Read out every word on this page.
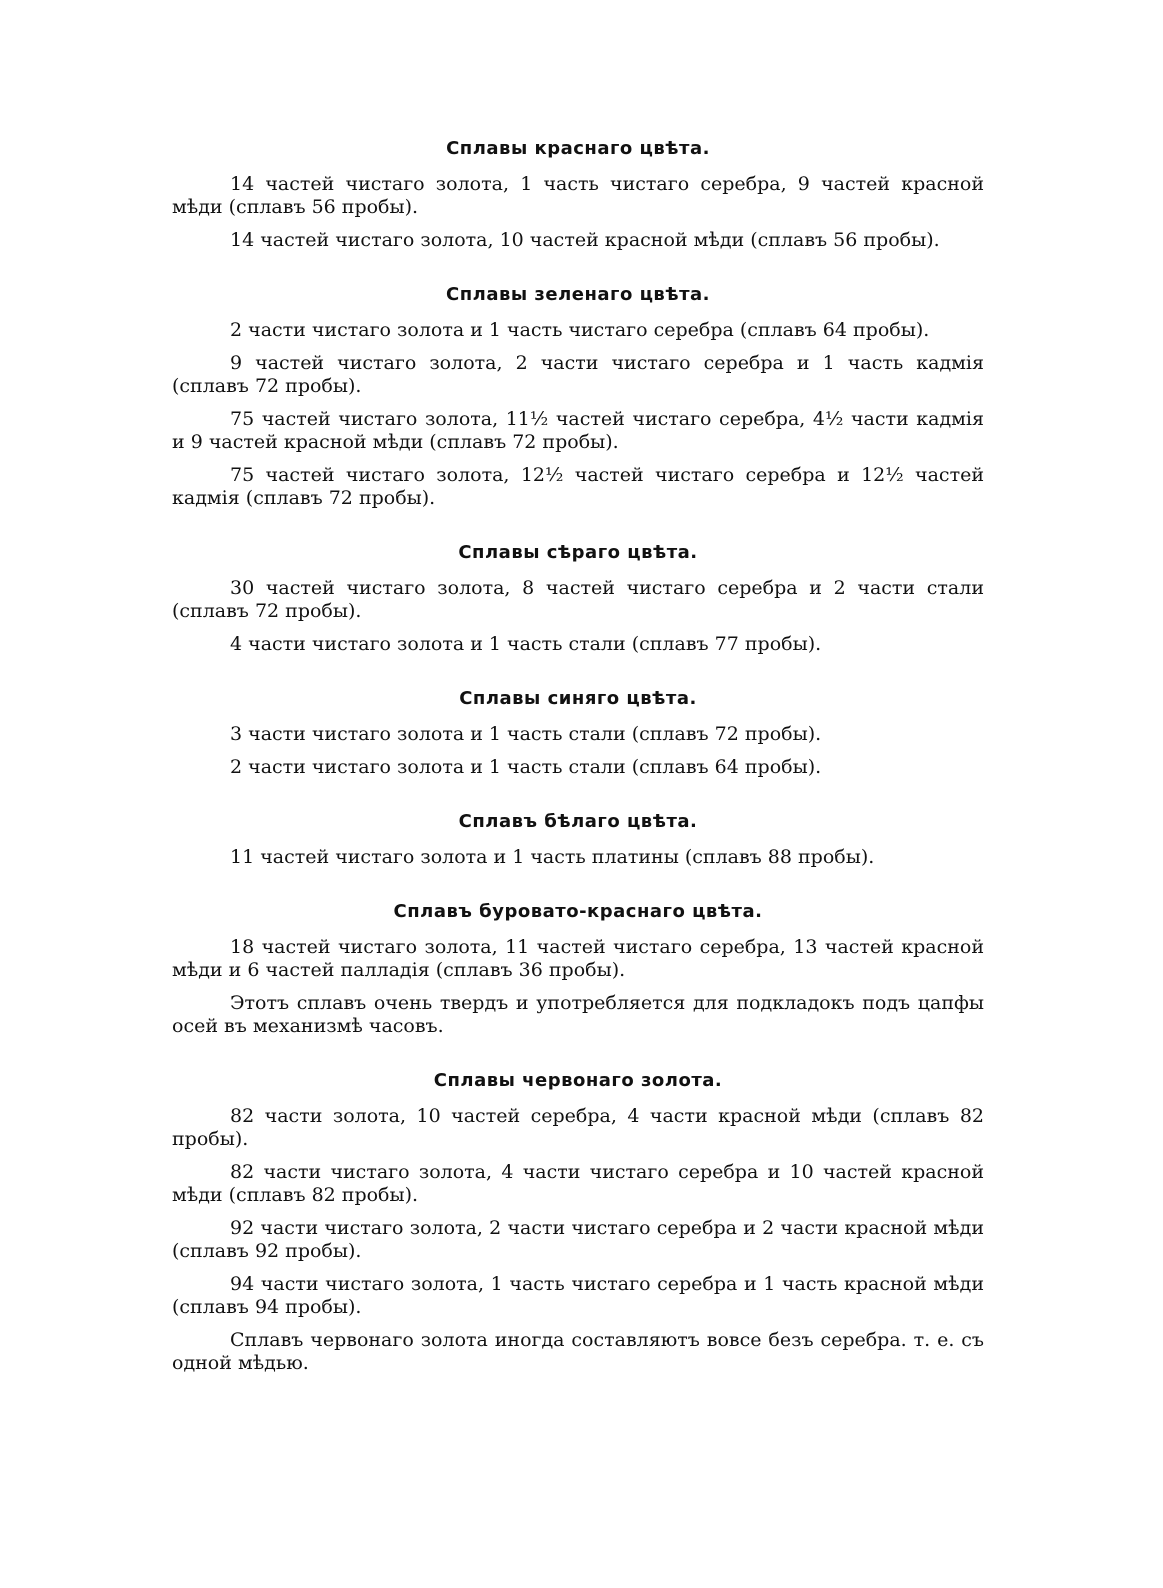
Сплавы краснаго цвѣта.

14 частей чистаго золота, 1 часть чистаго серебра, 9 частей красной мѣди (сплавъ 56 пробы).

14 частей чистаго золота, 10 частей красной мѣди (сплавъ 56 пробы).

Сплавы зеленаго цвѣта.

2 части чистаго золота и 1 часть чистаго серебра (сплавъ 64 пробы).

9 частей чистаго золота, 2 части чистаго серебра и 1 часть кадмія (сплавъ 72 пробы).

75 частей чистаго золота, 11½ частей чистаго серебра, 4½ части кадмія и 9 частей красной мѣди (сплавъ 72 пробы).

75 частей чистаго золота, 12½ частей чистаго серебра и 12½ частей кадмія (сплавъ 72 пробы).

Сплавы сѣраго цвѣта.

30 частей чистаго золота, 8 частей чистаго серебра и 2 части стали (сплавъ 72 пробы).

4 части чистаго золота и 1 часть стали (сплавъ 77 пробы).

Сплавы синяго цвѣта.

3 части чистаго золота и 1 часть стали (сплавъ 72 пробы).

2 части чистаго золота и 1 часть стали (сплавъ 64 пробы).

Сплавъ бѣлаго цвѣта.

11 частей чистаго золота и 1 часть платины (сплавъ 88 пробы).

Сплавъ буровато-краснаго цвѣта.

18 частей чистаго золота, 11 частей чистаго серебра, 13 частей красной мѣди и 6 частей палладія (сплавъ 36 пробы).

Этотъ сплавъ очень твердъ и употребляется для подкладокъ подъ цапфы осей въ механизмѣ часовъ.

Сплавы червонаго золота.

82 части золота, 10 частей серебра, 4 части красной мѣди (сплавъ 82 пробы).

82 части чистаго золота, 4 части чистаго серебра и 10 частей красной мѣди (сплавъ 82 пробы).

92 части чистаго золота, 2 части чистаго серебра и 2 части красной мѣди (сплавъ 92 пробы).

94 части чистаго золота, 1 часть чистаго серебра и 1 часть красной мѣди (сплавъ 94 пробы).

Сплавъ червонаго золота иногда составляютъ вовсе безъ серебра. т. е. съ одной мѣдью.
